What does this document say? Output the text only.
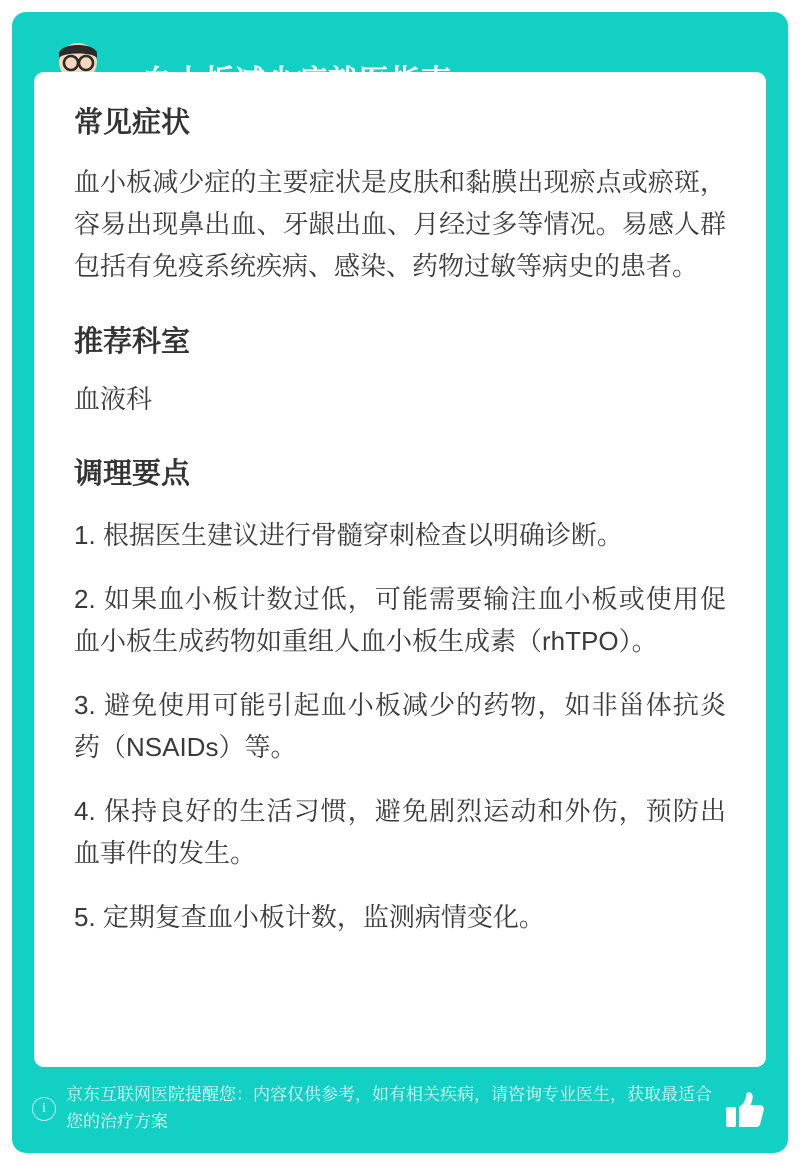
常见症状

血小板减少症的主要症状是皮肤和黏膜出现瘀点或瘀斑，容易出现鼻出血、牙龈出血、月经过多等情况。易感人群包括有免疫系统疾病、感染、药物过敏等病史的患者。

推荐科室

血液科

调理要点
1. 根据医生建议进行骨髓穿刺检查以明确诊断。
2. 如果血小板计数过低，可能需要输注血小板或使用促血小板生成药物如重组人血小板生成素（rhTPO）。
3. 避免使用可能引起血小板减少的药物，如非甾体抗炎药（NSAIDs）等。
4. 保持良好的生活习惯，避免剧烈运动和外伤，预防出血事件的发生。
5. 定期复查血小板计数，监测病情变化。
i
京东互联网医院提醒您：内容仅供参考，如有相关疾病，请咨询专业医生，获取最适合您的治疗方案
